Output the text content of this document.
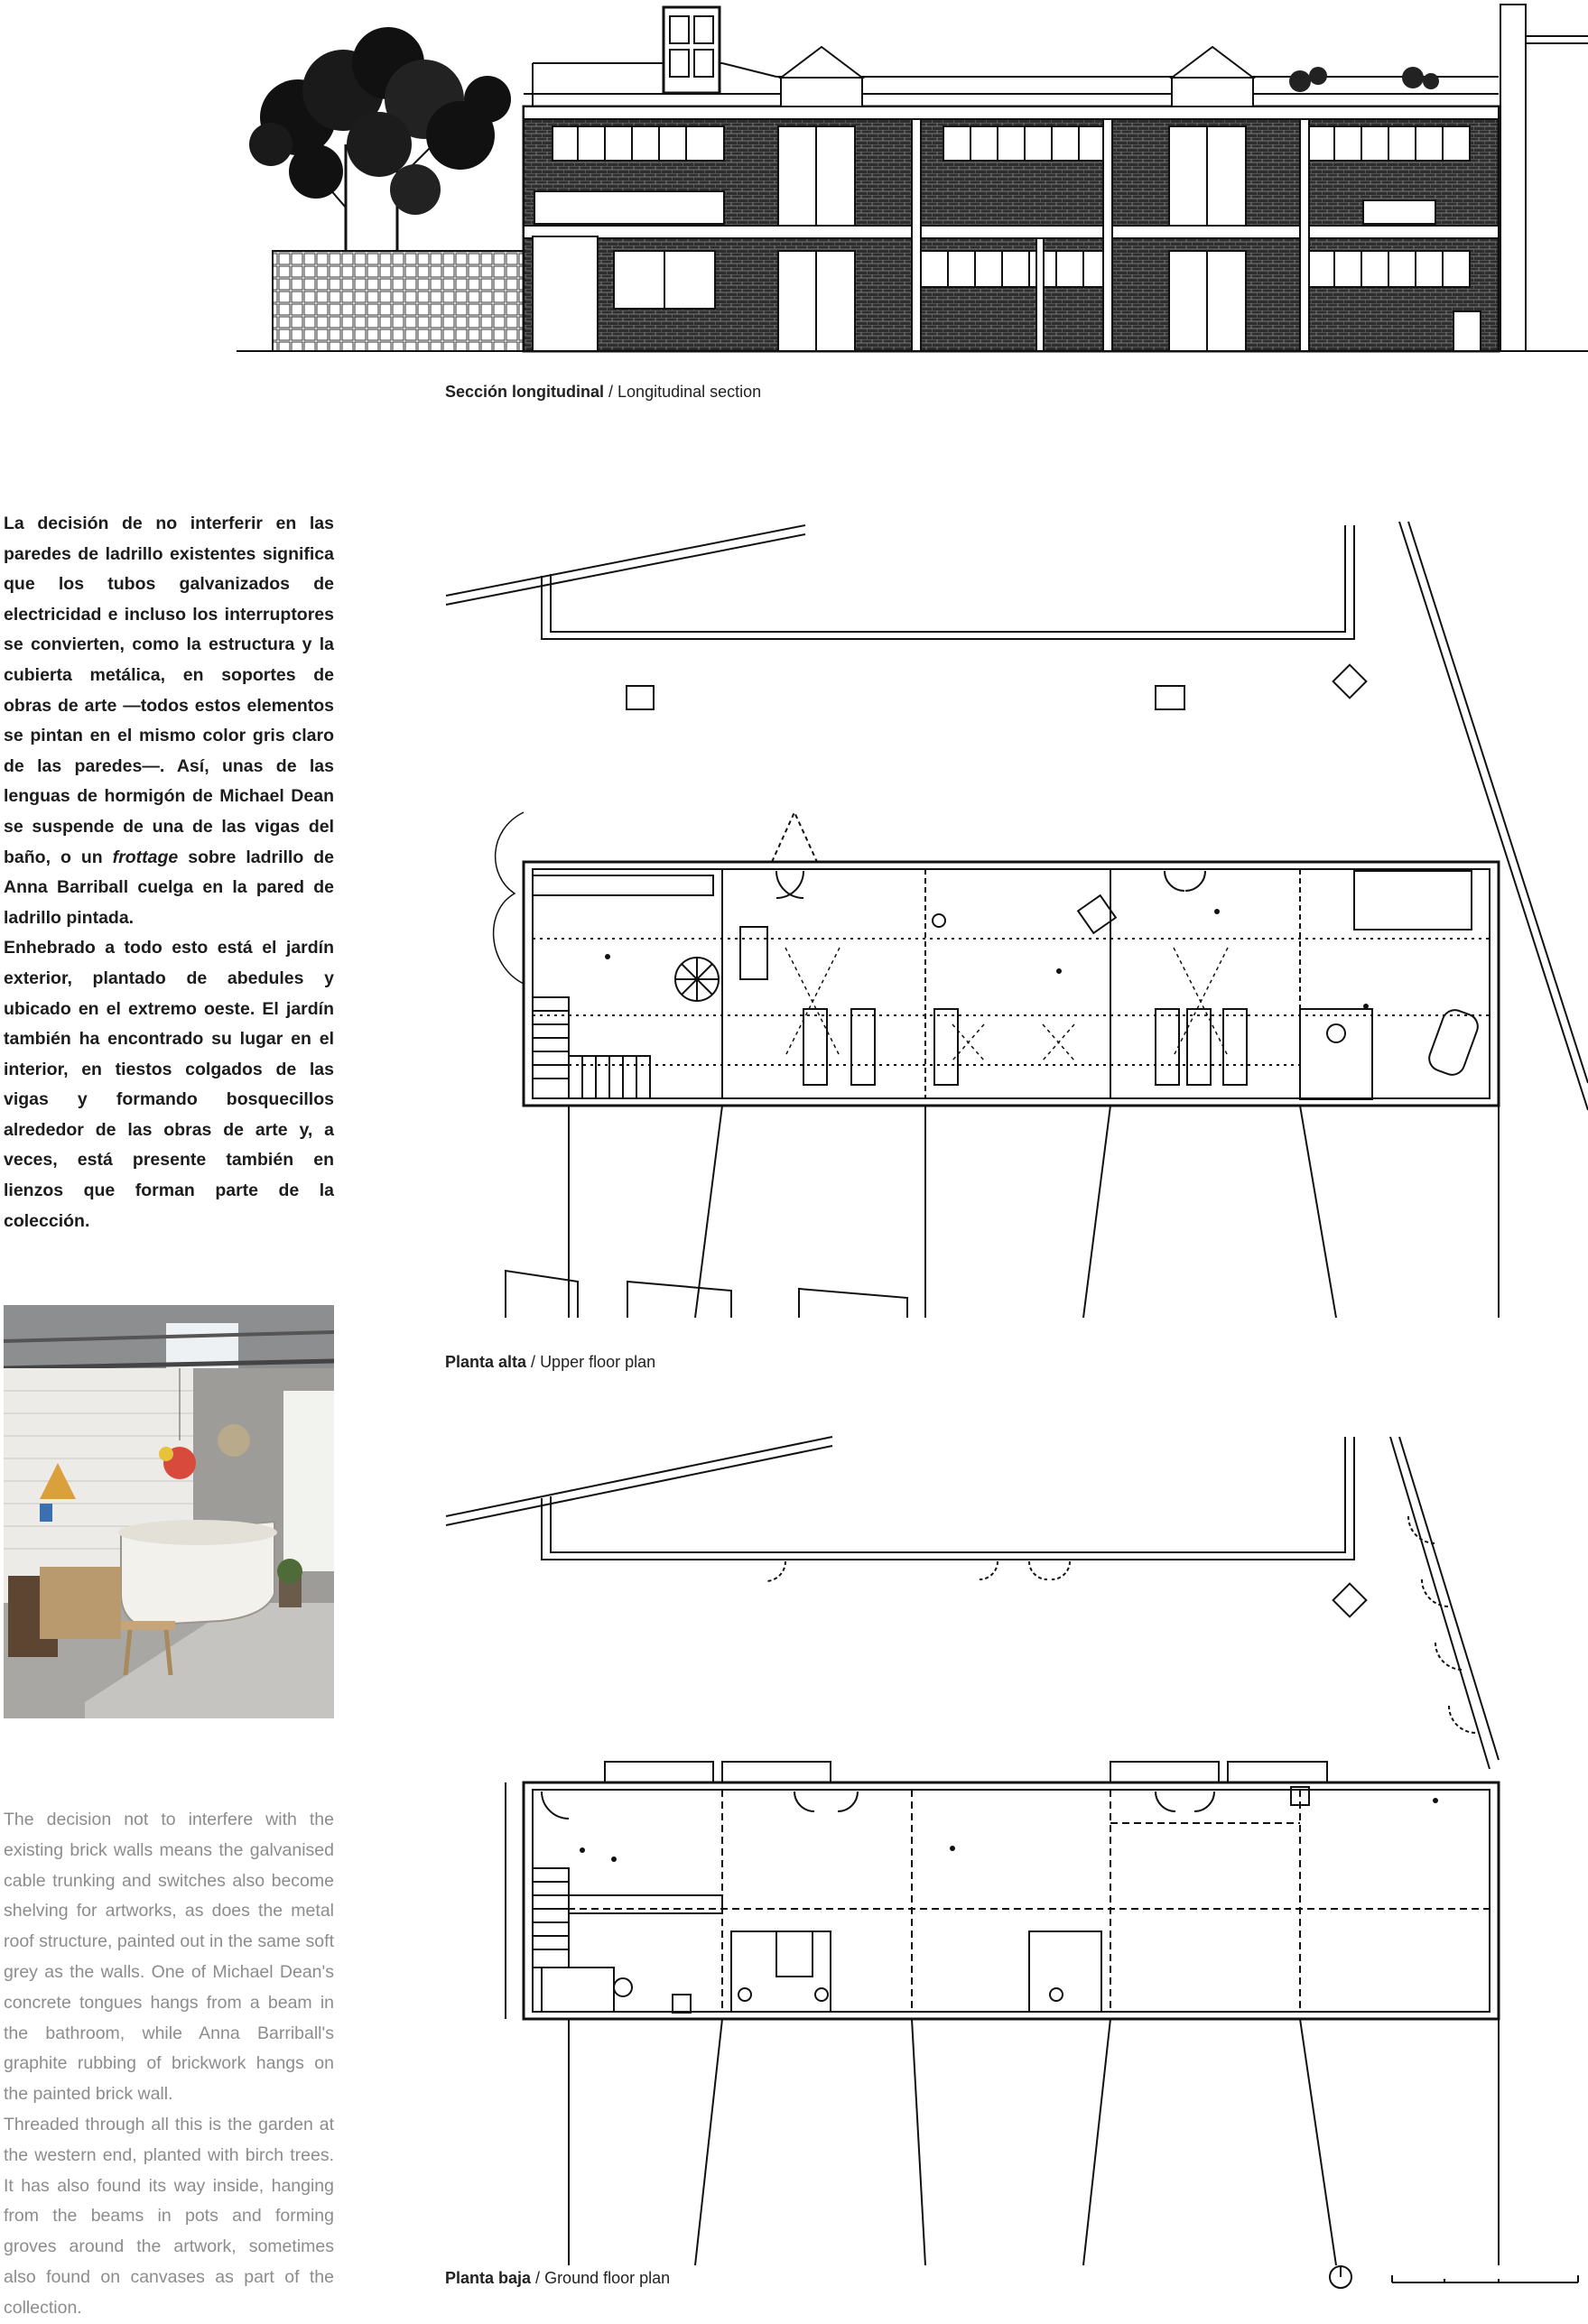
Sección longitudinal / Longitudinal section

La decisión de no interferir en las paredes de ladrillo existentes significa que los tubos galvanizados de electricidad e incluso los interruptores se convierten, como la estructura y la cubierta metálica, en soportes de obras de arte —todos estos elementos se pintan en el mismo color gris claro de las paredes—. Así, unas de las lenguas de hormigón de Michael Dean se suspende de una de las vigas del baño, o un frottage sobre ladrillo de Anna Barriball cuelga en la pared de ladrillo pintada.

Enhebrado a todo esto está el jardín exterior, plantado de abedules y ubicado en el extremo oeste. El jardín también ha encontrado su lugar en el interior, en tiestos colgados de las vigas y formando bosquecillos alrededor de las obras de arte y, a veces, está presente también en lienzos que forman parte de la colección.

Planta alta / Upper floor plan
Planta baja / Ground floor plan

The decision not to interfere with the existing brick walls means the galvanised cable trunking and switches also become shelving for artworks, as does the metal roof structure, painted out in the same soft grey as the walls. One of Michael Dean's concrete tongues hangs from a beam in the bathroom, while Anna Barriball's graphite rubbing of brickwork hangs on the painted brick wall.

Threaded through all this is the garden at the western end, planted with birch trees. It has also found its way inside, hanging from the beams in pots and forming groves around the artwork, sometimes also found on canvases as part of the collection.
